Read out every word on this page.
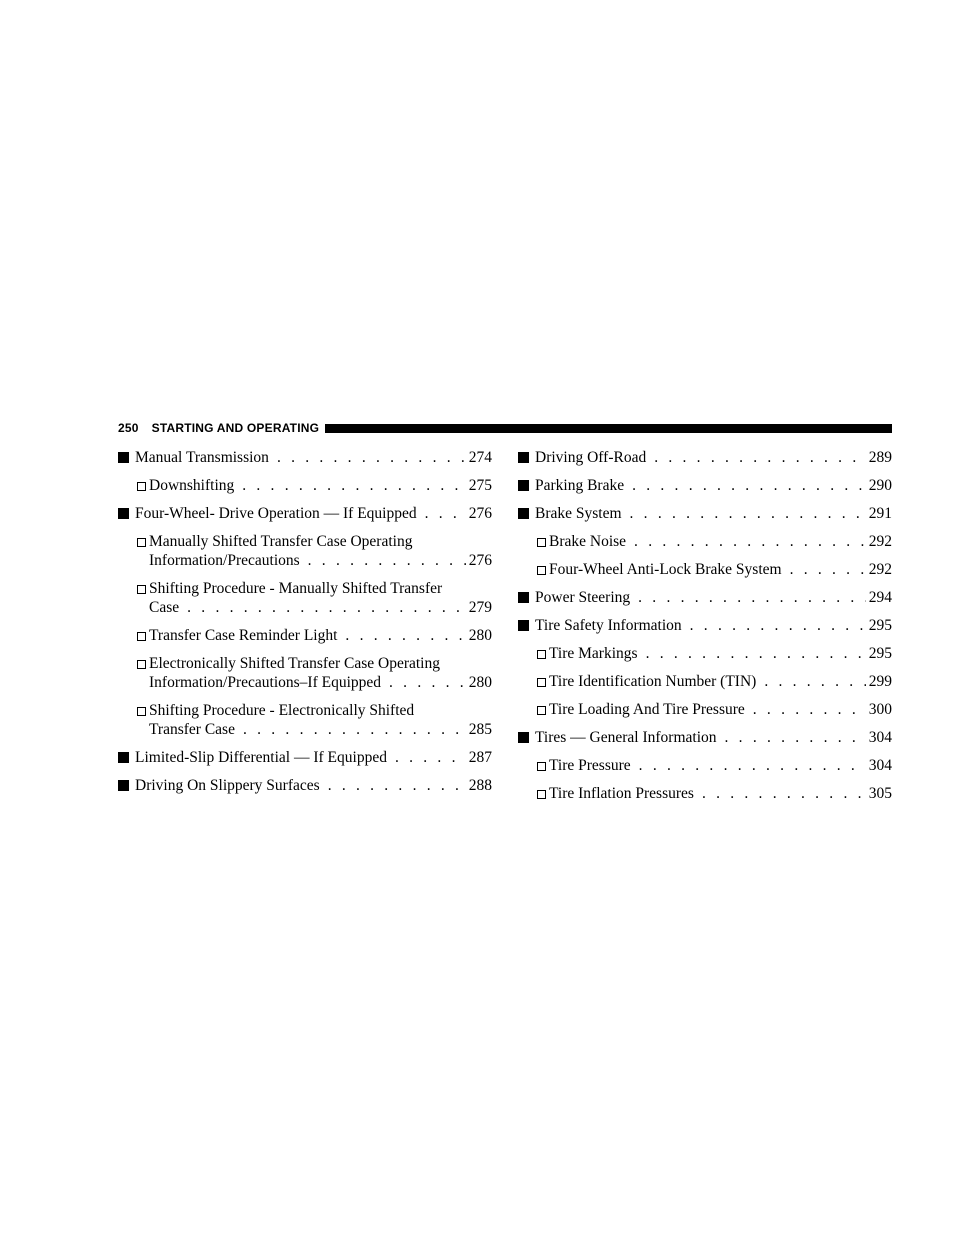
250 STARTING AND OPERATING
Manual Transmission . . .	274
Downshifting . . .	275
Four-Wheel- Drive Operation — If Equipped . . .	276
Manually Shifted Transfer Case Operating
Information/Precautions . . .	276
Shifting Procedure - Manually Shifted Transfer
Case . . .	279
Transfer Case Reminder Light . . .	280
Electronically Shifted Transfer Case Operating
Information/Precautions–If Equipped . . .	280
Shifting Procedure - Electronically Shifted
Transfer Case . . .	285
Limited-Slip Differential — If Equipped . . .	287
Driving On Slippery Surfaces . . .	288
Driving Off-Road . . .	289
Parking Brake . . .	290
Brake System . . .	291
Brake Noise . . .	292
Four-Wheel Anti-Lock Brake System . . .	292
Power Steering . . .	294
Tire Safety Information . . .	295
Tire Markings . . .	295
Tire Identification Number (TIN) . . .	299
Tire Loading And Tire Pressure . . .	300
Tires — General Information . . .	304
Tire Pressure . . .	304
Tire Inflation Pressures . . .	305
